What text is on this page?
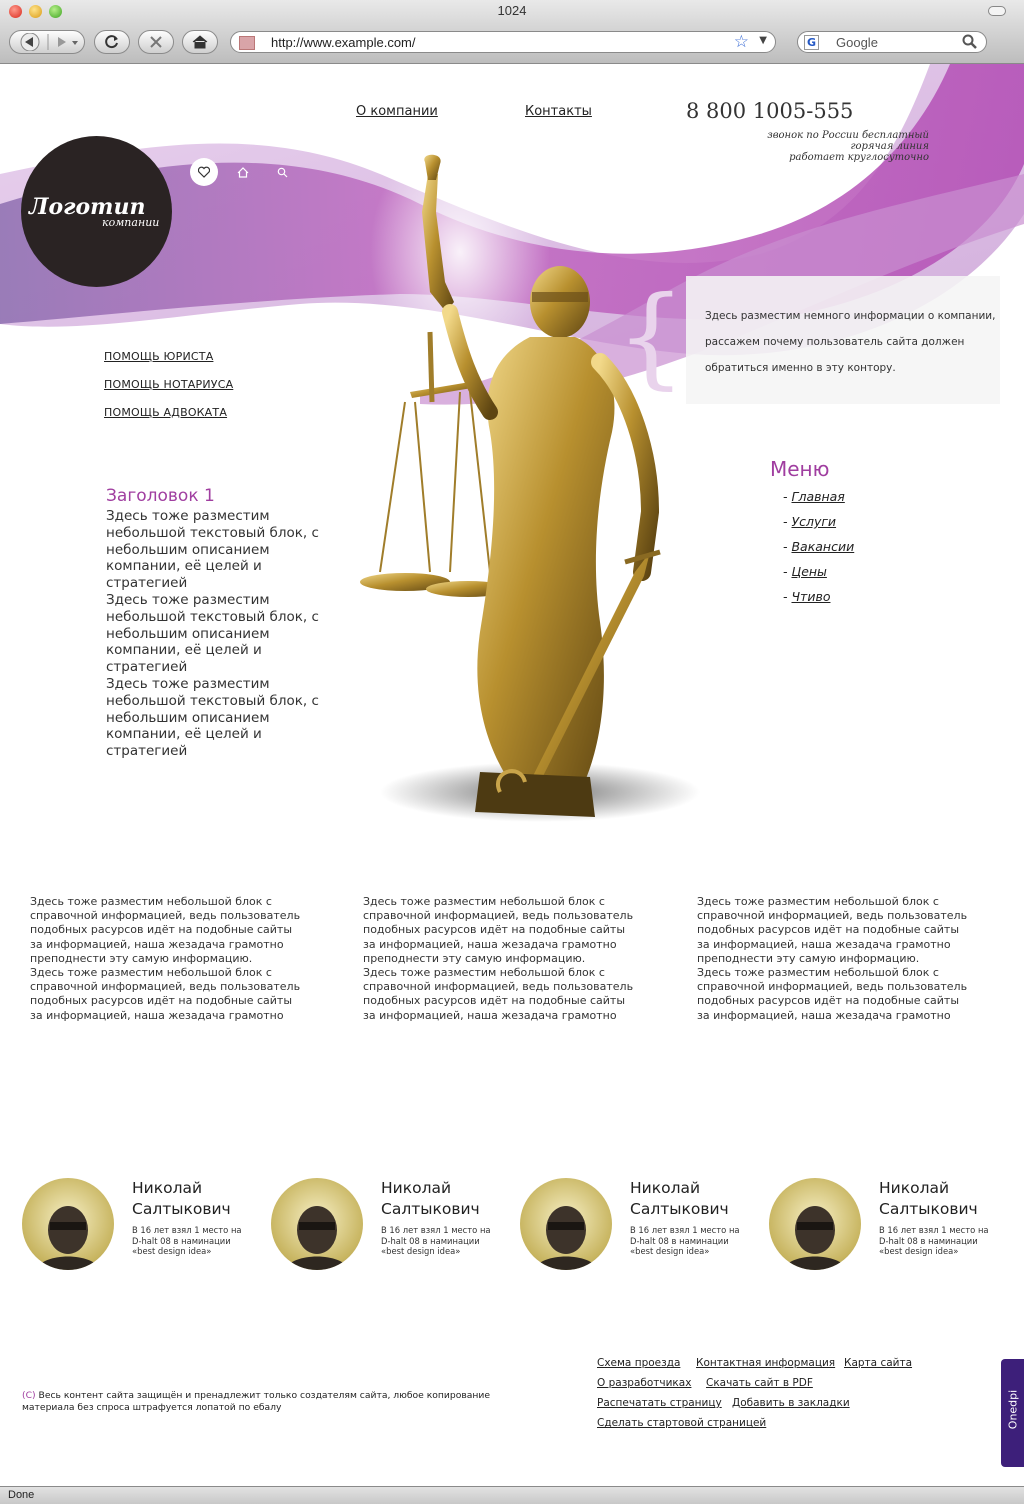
1024
http://www.example.com/	☆ ▼	G Google
Логотип
компании
О компании	Контакты	8 800 1005-555
звонок по России бесплатный
горячая линия
работает круглосуточно
ПОМОЩЬ ЮРИСТА
ПОМОЩЬ НОТАРИУСА
ПОМОЩЬ АДВОКАТА
{ Здесь разместим немного информации о компании,
рассажем почему пользователь сайта должен
обратиться именно в эту контору.
Меню
- Главная
- Услуги
- Вакансии
- Цены
- Чтиво
Заголовок 1
Здесь тоже разместим небольшой текстовый блок, с небольшим описанием компании, её целей и стратегией
Здесь тоже разместим небольшой текстовый блок, с небольшим описанием компании, её целей и стратегией
Здесь тоже разместим небольшой текстовый блок, с небольшим описанием компании, её целей и стратегией
Здесь тоже разместим небольшой блок с
справочной информацией, ведь пользователь
подобных расурсов идёт на подобные сайты
за информацией, наша жезадача грамотно
преподнести эту самую информацию.
Здесь тоже разместим небольшой блок с
справочной информацией, ведь пользователь
подобных расурсов идёт на подобные сайты
за информацией, наша жезадача грамотно
Здесь тоже разместим небольшой блок с
справочной информацией, ведь пользователь
подобных расурсов идёт на подобные сайты
за информацией, наша жезадача грамотно
преподнести эту самую информацию.
Здесь тоже разместим небольшой блок с
справочной информацией, ведь пользователь
подобных расурсов идёт на подобные сайты
за информацией, наша жезадача грамотно
Здесь тоже разместим небольшой блок с
справочной информацией, ведь пользователь
подобных расурсов идёт на подобные сайты
за информацией, наша жезадача грамотно
преподнести эту самую информацию.
Здесь тоже разместим небольшой блок с
справочной информацией, ведь пользователь
подобных расурсов идёт на подобные сайты
за информацией, наша жезадача грамотно
Николай
Салтыкович
В 16 лет взял 1 место на
D-halt 08 в наминации
«best design idea»
Николай
Салтыкович
В 16 лет взял 1 место на
D-halt 08 в наминации
«best design idea»
Николай
Салтыкович
В 16 лет взял 1 место на
D-halt 08 в наминации
«best design idea»
Николай
Салтыкович
В 16 лет взял 1 место на
D-halt 08 в наминации
«best design idea»
(С) Весь контент сайта защищён и пренадлежит только создателям сайта, любое копирование материала без спроса штрафуется лопатой по ебалу
Схема проезда Контактная информация Карта сайта
О разработчиках Скачать сайт в PDF
Распечатать страницу Добавить в закладки
Сделать стартовой страницей	Onedpi
Done
